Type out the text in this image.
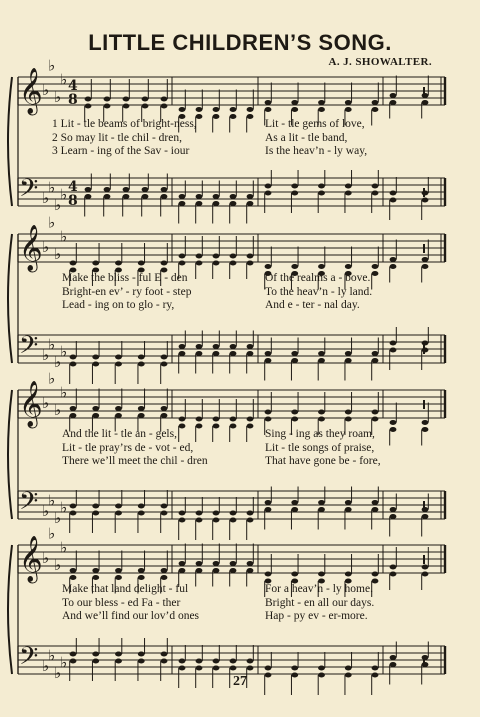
LITTLE CHILDREN’S SONG.
A. J. SHOWALTER.
𝄞 ♭
♭
♭
♭ 4
8
𝄢 ♭
♭
♭
♭ 4
8
1 Lit - tle beams of bright-ness,	Lit - tle gems of love,
2 So may lit - tle chil - dren,	As a lit - tle band,
3 Learn - ing of the Sav - iour	Is the heav’n - ly way,
𝄞 ♭
♭
♭
♭
𝄢 ♭
♭
♭
♭
Make the bliss - ful E - den	Of the realms a - bove.
Bright-en ev’ - ry foot - step	To the heav’n - ly land.
Lead - ing on to glo - ry,	And e - ter - nal day.
𝄞 ♭
♭
♭
♭
𝄢 ♭
♭
♭
♭
And the lit - tle an - gels,	Sing - ing as they roam,
Lit - tle pray’rs de - vot - ed,	Lit - tle songs of praise,
There we’ll meet the chil - dren	That have gone be - fore,
𝄞 ♭
♭
♭
♭
𝄢 ♭
♭
♭
♭
Make that land delight - ful	For a heav’n - ly home.
To our bless - ed Fa - ther	Bright - en all our days.
And we’ll find our lov’d ones	Hap - py ev - er-more.
27
